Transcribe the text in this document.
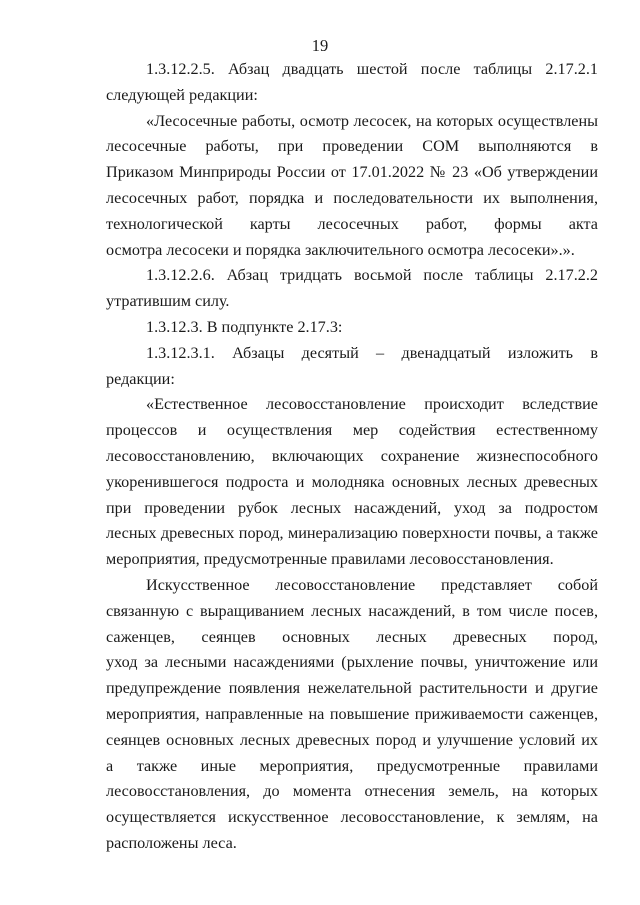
19
1.3.12.2.5. Абзац двадцать шестой после таблицы 2.17.2.1
следующей редакции:
«Лесосечные работы, осмотр лесосек, на которых осуществлены
лесосечные работы, при проведении СОМ выполняются в
Приказом Минприроды России от 17.01.2022 № 23 «Об утверждении
лесосечных работ, порядка и последовательности их выполнения,
технологической карты лесосечных работ, формы акта
осмотра лесосеки и порядка заключительного осмотра лесосеки».».
1.3.12.2.6. Абзац тридцать восьмой после таблицы 2.17.2.2
утратившим силу.
1.3.12.3. В подпункте 2.17.3:
1.3.12.3.1. Абзацы десятый – двенадцатый изложить в
редакции:
«Естественное лесовосстановление происходит вследствие
процессов и осуществления мер содействия естественному
лесовосстановлению, включающих сохранение жизнеспособного
укоренившегося подроста и молодняка основных лесных древесных
при проведении рубок лесных насаждений, уход за подростом
лесных древесных пород, минерализацию поверхности почвы, а также
мероприятия, предусмотренные правилами лесовосстановления.
Искусственное лесовосстановление представляет собой
связанную с выращиванием лесных насаждений, в том числе посев,
саженцев, сеянцев основных лесных древесных пород,
уход за лесными насаждениями (рыхление почвы, уничтожение или
предупреждение появления нежелательной растительности и другие
мероприятия, направленные на повышение приживаемости саженцев,
сеянцев основных лесных древесных пород и улучшение условий их
а также иные мероприятия, предусмотренные правилами
лесовосстановления, до момента отнесения земель, на которых
осуществляется искусственное лесовосстановление, к землям, на
расположены леса.
